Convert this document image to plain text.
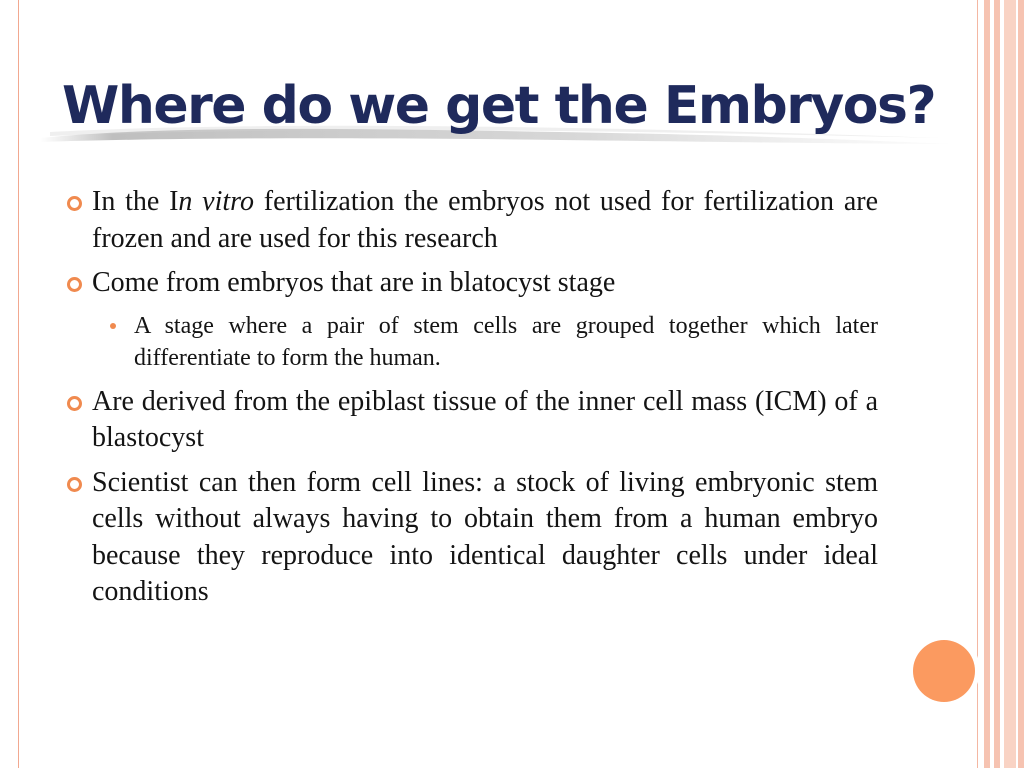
Where do we get the Embryos?
In the In vitro fertilization the embryos not used for fertilization are frozen and are used for this research
Come from embryos that are in blatocyst stage
A stage where a pair of stem cells are grouped together which later differentiate to form the human.
Are derived from the epiblast tissue of the inner cell mass (ICM) of a blastocyst
Scientist can then form cell lines: a stock of living embryonic stem cells without always having to obtain them from a human embryo because they reproduce into identical daughter cells under ideal conditions
